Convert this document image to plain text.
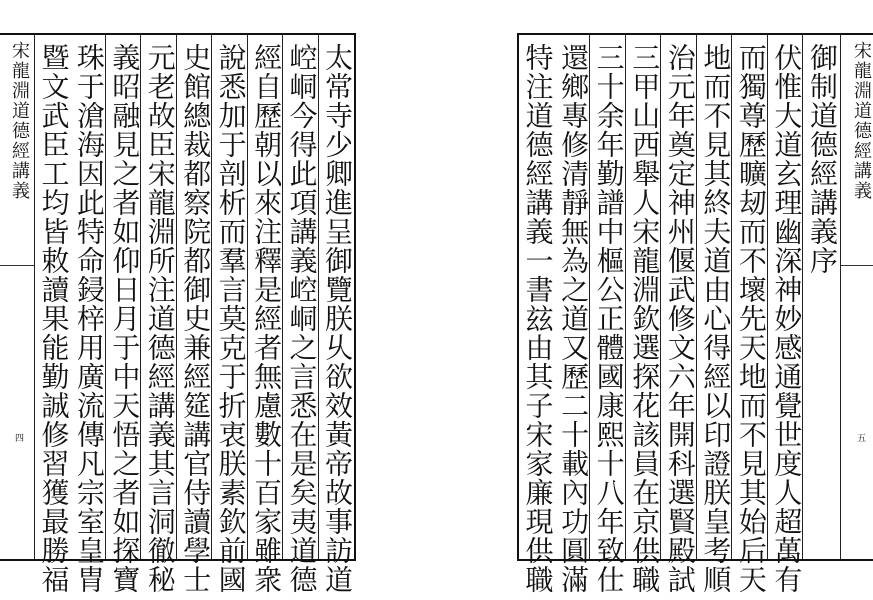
宋龍淵道德經講義
四	太常寺少卿進呈御覽朕乆欲效黃帝故事訪道
崆峒今得此項講義崆峒之言悉在是矣夷道德
經自歷朝以來注釋是經者無慮數十百家雖衆
說悉加于剖析而羣言莫克于折衷朕素欽前國
史館總裁都察院都御史兼經筵講官侍讀學士
元老故臣宋龍淵所注道德經講義其言洞徹秘
義昭融見之者如仰日月于中天悟之者如探寶
珠于滄海因此特命鋟梓用廣流傳凡宗室皇胄
暨文武臣工均皆敕讀果能勤誠修習獲最勝福	御制道德經講義序
伏惟大道玄理幽深神妙感通覺世度人超萬有
而獨尊歷曠刼而不壞先天地而不見其始后天
地而不見其終夫道由心得經以印證朕皇考順
治元年奠定神州偃武修文六年開科選賢殿試
三甲山西舉人宋龍淵欽選探花該員在京供職
三十余年勤譜中樞公正體國康熙十八年致仕
還鄉專修清靜無為之道又歷二十載內功圓滿
特注道德經講義一書玆由其子宋家廉現供職	宋龍淵道德經講義
五
